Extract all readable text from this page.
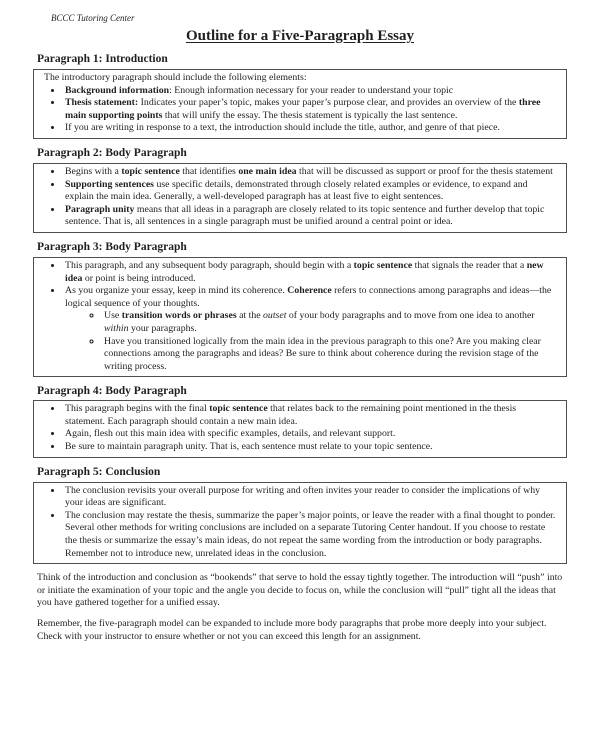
BCCC Tutoring Center
Outline for a Five-Paragraph Essay
Paragraph 1: Introduction

The introductory paragraph should include the following elements:

• Background information: Enough information necessary for your reader to understand your topic
• Thesis statement: Indicates your paper’s topic, makes your paper’s purpose clear, and provides an overview of the three main supporting points that will unify the essay. The thesis statement is typically the last sentence.
• If you are writing in response to a text, the introduction should include the title, author, and genre of that piece.
Paragraph 2: Body Paragraph
• Begins with a topic sentence that identifies one main idea that will be discussed as support or proof for the thesis statement
• Supporting sentences use specific details, demonstrated through closely related examples or evidence, to expand and explain the main idea. Generally, a well-developed paragraph has at least five to eight sentences.
• Paragraph unity means that all ideas in a paragraph are closely related to its topic sentence and further develop that topic sentence. That is, all sentences in a single paragraph must be unified around a central point or idea.
Paragraph 3: Body Paragraph
• This paragraph, and any subsequent body paragraph, should begin with a topic sentence that signals the reader that a new idea or point is being introduced.
• As you organize your essay, keep in mind its coherence. Coherence refers to connections among paragraphs and ideas—the logical sequence of your thoughts.
◦ Use transition words or phrases at the outset of your body paragraphs and to move from one idea to another within your paragraphs.
◦ Have you transitioned logically from the main idea in the previous paragraph to this one? Are you making clear connections among the paragraphs and ideas? Be sure to think about coherence during the revision stage of the writing process.
Paragraph 4: Body Paragraph
• This paragraph begins with the final topic sentence that relates back to the remaining point mentioned in the thesis statement. Each paragraph should contain a new main idea.
• Again, flesh out this main idea with specific examples, details, and relevant support.
• Be sure to maintain paragraph unity. That is, each sentence must relate to your topic sentence.
Paragraph 5: Conclusion
• The conclusion revisits your overall purpose for writing and often invites your reader to consider the implications of why your ideas are significant.
• The conclusion may restate the thesis, summarize the paper’s major points, or leave the reader with a final thought to ponder. Several other methods for writing conclusions are included on a separate Tutoring Center handout. If you choose to restate the thesis or summarize the essay’s main ideas, do not repeat the same wording from the introduction or body paragraphs. Remember not to introduce new, unrelated ideas in the conclusion.

Think of the introduction and conclusion as “bookends” that serve to hold the essay tightly together. The introduction will “push” into or initiate the examination of your topic and the angle you decide to focus on, while the conclusion will “pull” tight all the ideas that you have gathered together for a unified essay.

Remember, the five-paragraph model can be expanded to include more body paragraphs that probe more deeply into your subject. Check with your instructor to ensure whether or not you can exceed this length for an assignment.
